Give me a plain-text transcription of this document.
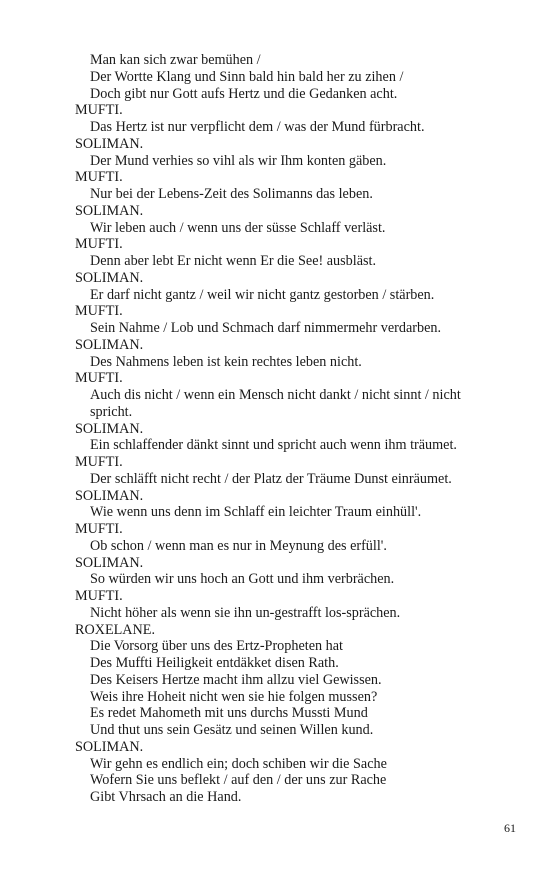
Man kan sich zwar bemühen /
Der Wortte Klang und Sinn bald hin bald her zu zihen /
Doch gibt nur Gott aufs Hertz und die Gedanken acht.
MUFTI.
Das Hertz ist nur verpflicht dem / was der Mund fürbracht.
SOLIMAN.
Der Mund verhies so vihl als wir Ihm konten gäben.
MUFTI.
Nur bei der Lebens-Zeit des Solimanns das leben.
SOLIMAN.
Wir leben auch / wenn uns der süsse Schlaff verläst.
MUFTI.
Denn aber lebt Er nicht wenn Er die See! ausbläst.
SOLIMAN.
Er darf nicht gantz / weil wir nicht gantz gestorben / stärben.
MUFTI.
Sein Nahme / Lob und Schmach darf nimmermehr verdarben.
SOLIMAN.
Des Nahmens leben ist kein rechtes leben nicht.
MUFTI.
Auch dis nicht / wenn ein Mensch nicht dankt / nicht sinnt / nicht
spricht.
SOLIMAN.
Ein schlaffender dänkt sinnt und spricht auch wenn ihm träumet.
MUFTI.
Der schläfft nicht recht / der Platz der Träume Dunst einräumet.
SOLIMAN.
Wie wenn uns denn im Schlaff ein leichter Traum einhüll'.
MUFTI.
Ob schon / wenn man es nur in Meynung des erfüll'.
SOLIMAN.
So würden wir uns hoch an Gott und ihm verbrächen.
MUFTI.
Nicht höher als wenn sie ihn un-gestrafft los-sprächen.
ROXELANE.
Die Vorsorg über uns des Ertz-Propheten hat
Des Muffti Heiligkeit entdäkket disen Rath.
Des Keisers Hertze macht ihm allzu viel Gewissen.
Weis ihre Hoheit nicht wen sie hie folgen mussen?
Es redet Mahometh mit uns durchs Mussti Mund
Und thut uns sein Gesätz und seinen Willen kund.
SOLIMAN.
Wir gehn es endlich ein; doch schiben wir die Sache
Wofern Sie uns beflekt / auf den / der uns zur Rache
Gibt Vhrsach an die Hand.
61
